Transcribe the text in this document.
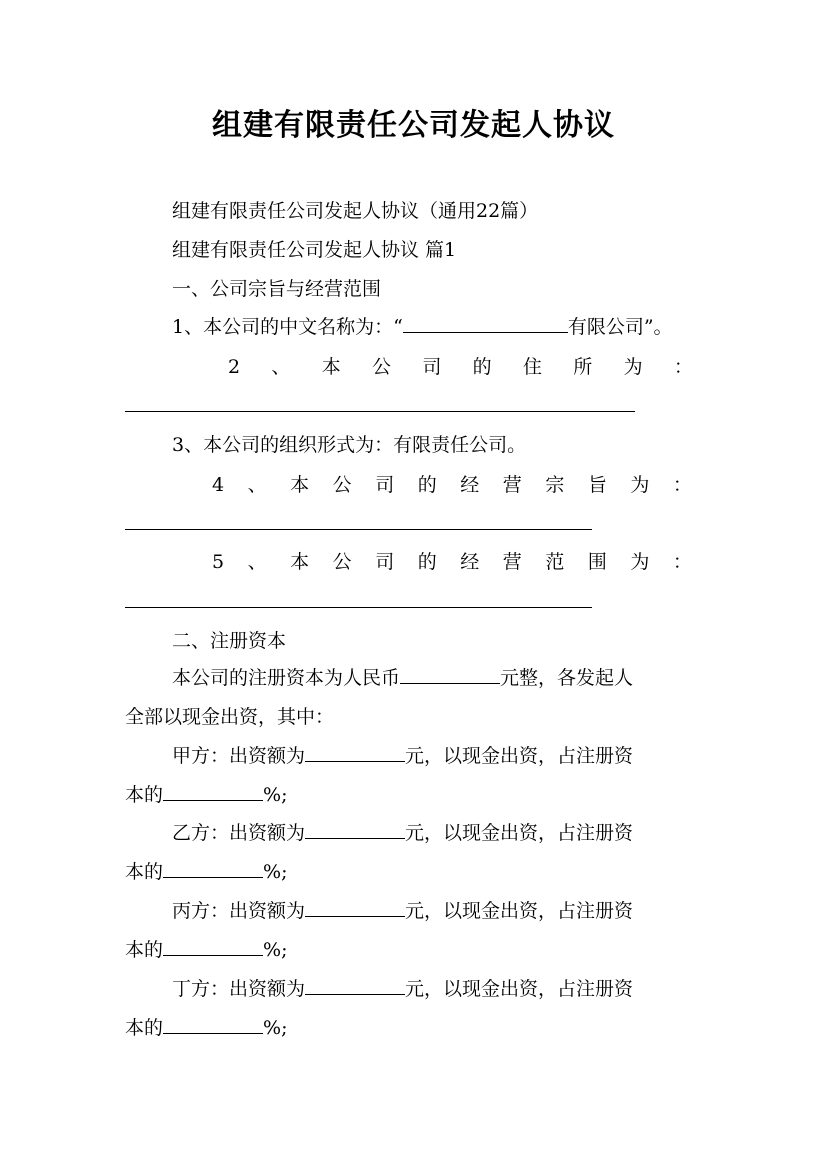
组建有限责任公司发起人协议
组建有限责任公司发起人协议（通用22篇）
组建有限责任公司发起人协议 篇1
一、公司宗旨与经营范围
1、本公司的中文名称为：“	有限公司”。
2 、 本 公 司 的 住 所 为 ：
3、本公司的组织形式为：有限责任公司。
4 、 本 公 司 的 经 营 宗 旨 为 ：
5 、 本 公 司 的 经 营 范 围 为 ：
二、注册资本
本公司的注册资本为人民币	元整，各发起人
全部以现金出资，其中：
甲方：出资额为	元，以现金出资，占注册资
本的	%;
乙方：出资额为	元，以现金出资，占注册资
本的	%;
丙方：出资额为	元，以现金出资，占注册资
本的	%;
丁方：出资额为	元，以现金出资，占注册资
本的	%;
